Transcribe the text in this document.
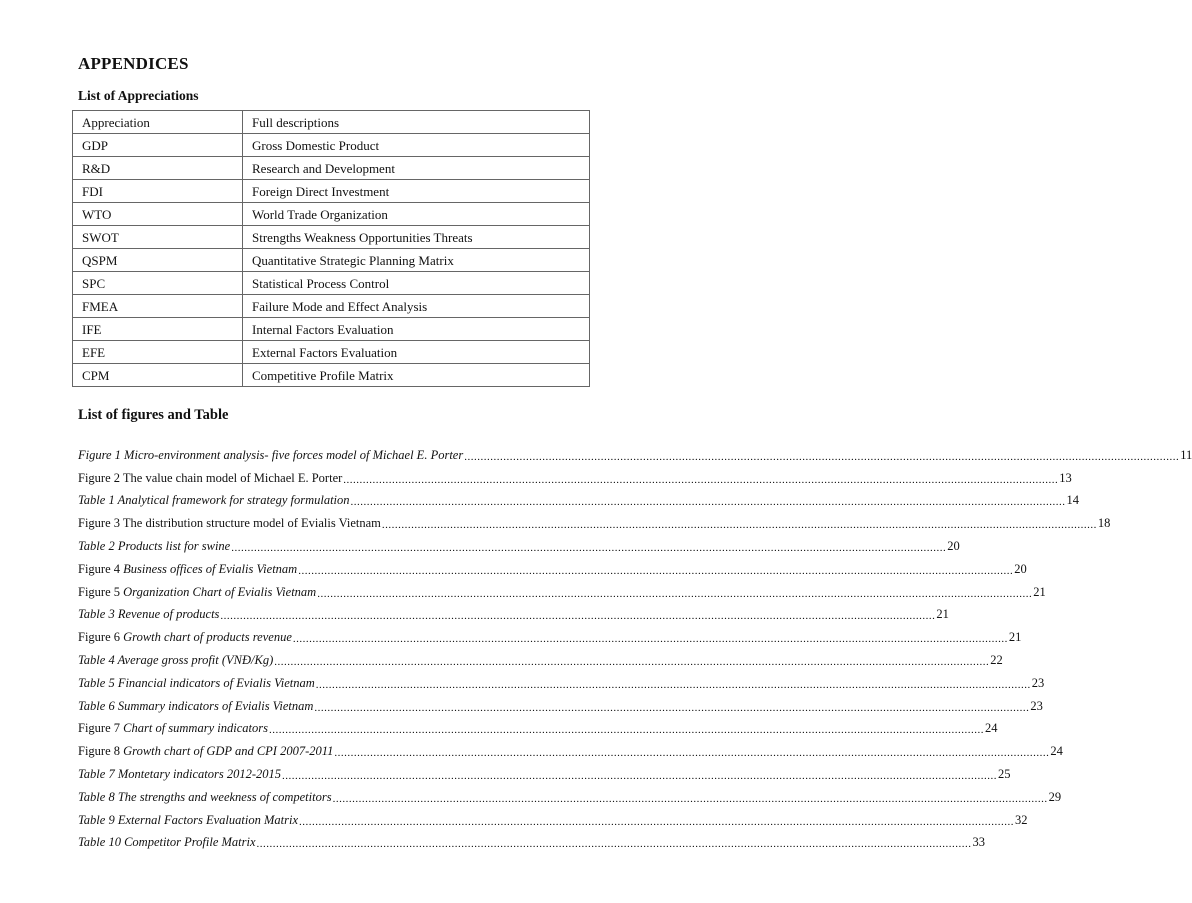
APPENDICES
List of Appreciations
Appreciation	Full descriptions
GDP	Gross Domestic Product
R&D	Research and Development
FDI	Foreign Direct Investment
WTO	World Trade Organization
SWOT	Strengths Weakness Opportunities Threats
QSPM	Quantitative Strategic Planning Matrix
SPC	Statistical Process Control
FMEA	Failure Mode and Effect Analysis
IFE	Internal Factors Evaluation
EFE	External Factors Evaluation
CPM	Competitive Profile Matrix
List of figures and Table
Figure 1 Micro-environment analysis- five forces model of Michael E. Porter ............................................................................................................................................................................................................................ 11
Figure 2 The value chain model of Michael E. Porter ............................................................................................................................................................................................................................ 13
Table 1 Analytical framework for strategy formulation ............................................................................................................................................................................................................................ 14
Figure 3 The distribution structure model of Evialis Vietnam ............................................................................................................................................................................................................................ 18
Table 2 Products list for swine ............................................................................................................................................................................................................................ 20
Figure 4 Business offices of Evialis Vietnam ............................................................................................................................................................................................................................ 20
Figure 5 Organization Chart of Evialis Vietnam ............................................................................................................................................................................................................................ 21
Table 3 Revenue of products ............................................................................................................................................................................................................................ 21
Figure 6 Growth chart of products revenue ............................................................................................................................................................................................................................ 21
Table 4 Average gross profit (VNĐ/Kg) ............................................................................................................................................................................................................................ 22
Table 5 Financial indicators of Evialis Vietnam ............................................................................................................................................................................................................................ 23
Table 6 Summary indicators of Evialis Vietnam ............................................................................................................................................................................................................................ 23
Figure 7 Chart of summary indicators ............................................................................................................................................................................................................................ 24
Figure 8 Growth chart of GDP and CPI 2007-2011 ............................................................................................................................................................................................................................ 24
Table 7 Montetary indicators 2012-2015 ............................................................................................................................................................................................................................ 25
Table 8 The strengths and weekness of competitors ............................................................................................................................................................................................................................ 29
Table 9 External Factors Evaluation Matrix ............................................................................................................................................................................................................................ 32
Table 10 Competitor Profile Matrix ............................................................................................................................................................................................................................ 33
